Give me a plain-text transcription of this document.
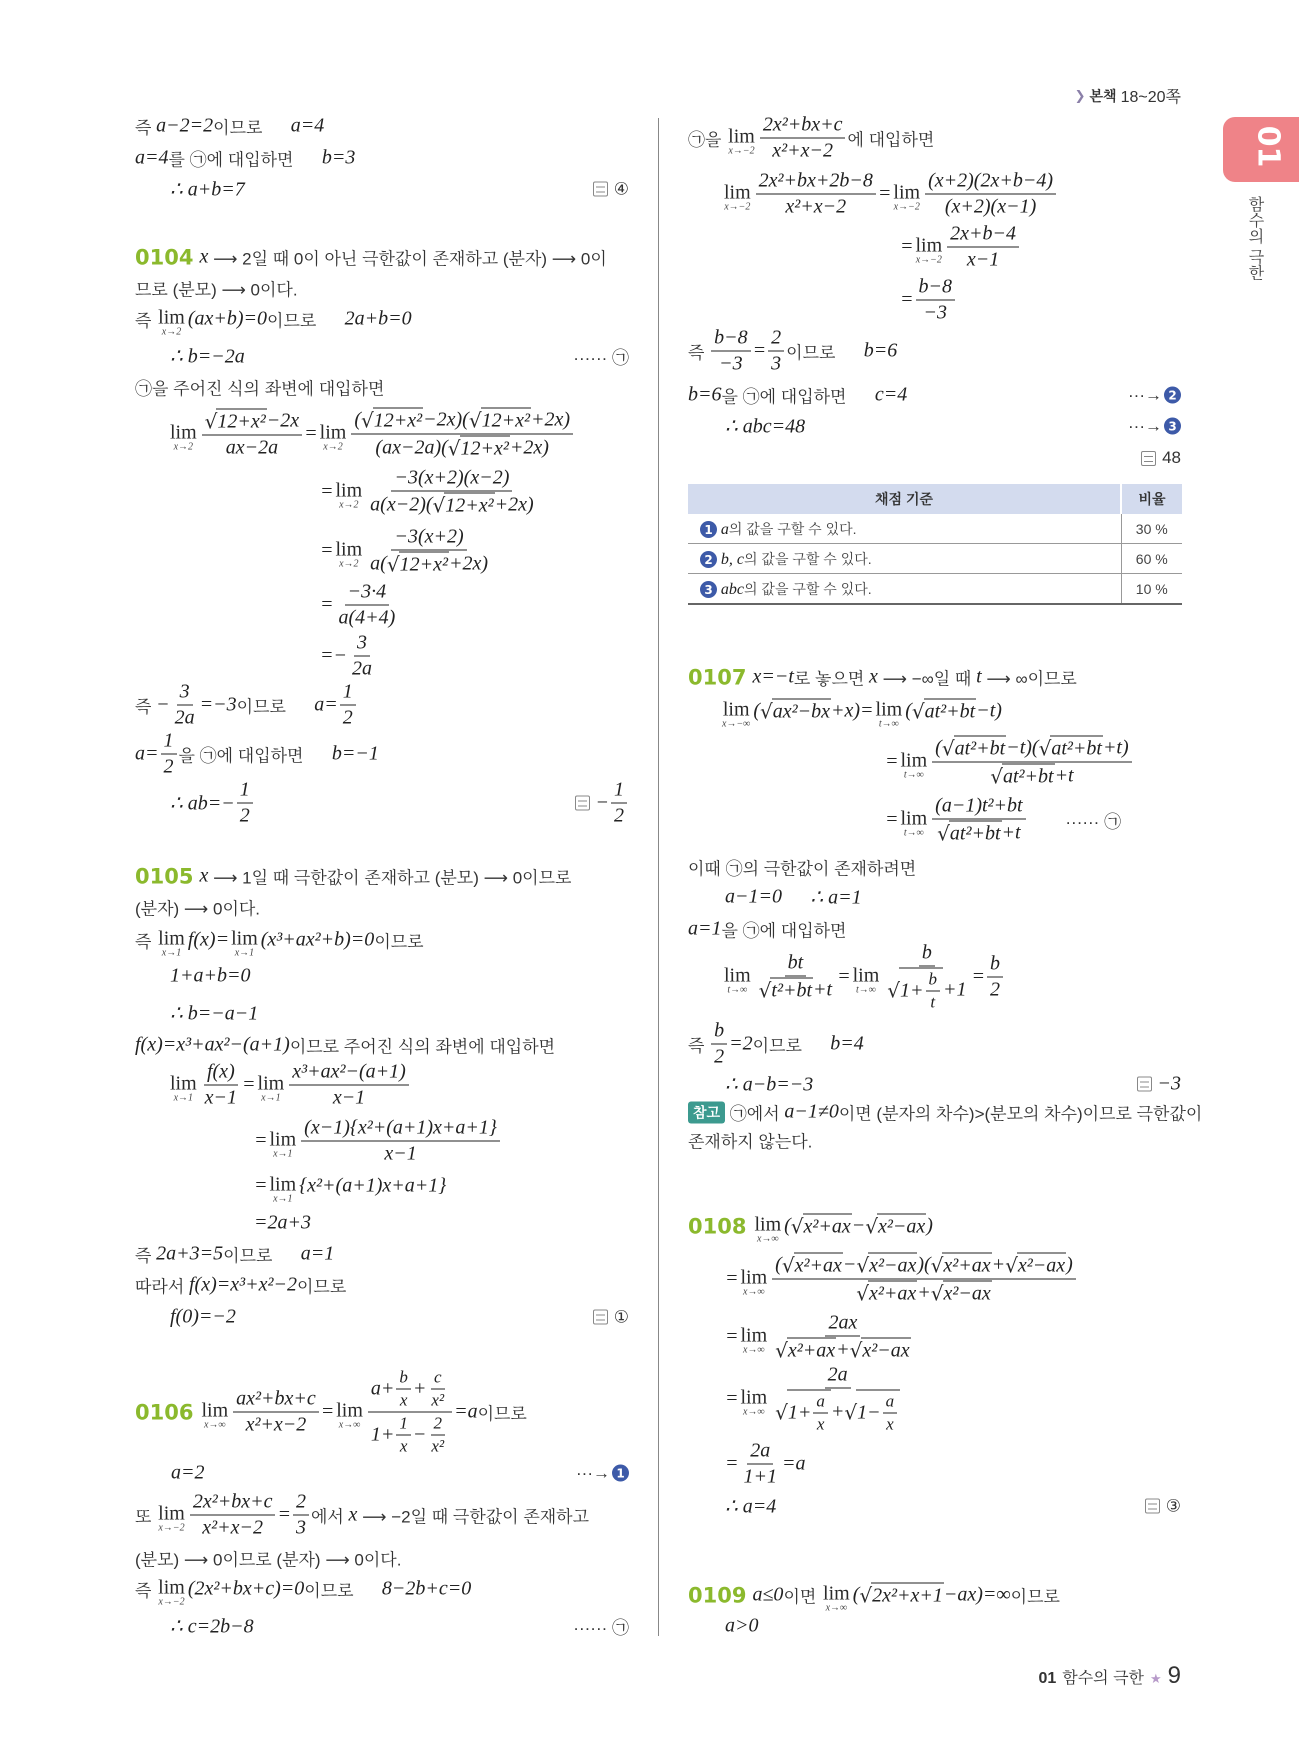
❯ 본책 18~20쪽
01
함수의 극한
즉 a−2=2 이므로 a=4
a=4 를 ㉠에 대입하면 b=3
∴ a+b=7	④
0104 x ⟶ 2일 때 0이 아닌 극한값이 존재하고 (분자) ⟶ 0이
므로 (분모) ⟶ 0이다.
즉 lim
x→2
(ax+b)=0 이므로 2a+b=0
∴ b=−2a	······ ㉠
㉠을 주어진 식의 좌변에 대입하면
lim
$x\to 2 \frac{\text{√ 12+x² −2x}}{ax-2a} = \lim$
$x\to 2 \frac{\text{( √ 12+x² −2x)( √ 12+x² +2x)}}{\text{(ax−2a)( √ 12+x² +2x)}}$
= lim
$x\to 2 \frac{-3(x+2)(x-2)}{\text{a(x−2)( √ 12+x² +2x)}}$
= lim
$x\to 2 \frac{-3(x+2)}{\text{a( √ 12+x² +2x)}}$
= $\frac{-3\cdot 4}{a(4+4)}$
=− $\frac{3}{2a}$
즉 − $\frac{3}{2a} =-3$ 이므로 $a= \frac{1}{2}$
$a= \frac{1}{2}$ 을 ㉠에 대입하면 b=−1
∴ $ab=- \frac{1}{2}$	− $\frac{1}{2}$
0105 x ⟶ 1일 때 극한값이 존재하고 (분모) ⟶ 0이므로
(분자) ⟶ 0이다.
즉 lim
x→1
f(x)= lim
x→1
(x³+ax²+b)=0 이므로
1+a+b=0
∴ b=−a−1
f(x)=x³+ax²−(a+1) 이므로 주어진 식의 좌변에 대입하면
lim
$x\to 1 \frac{f(x)}{x-1} = \lim$
$x\to 1 \frac{\text{x³+ax²−(a+1)}}{x-1}$
= lim
$x\to 1 \frac{\text{(x−1)\{x²+(a+1)x+a+1\}}}{x-1}$
= lim
x→1
{x²+(a+1)x+a+1}
=2a+3
즉 2a+3=5 이므로 a=1
따라서 f(x)=x³+x²−2 이므로
f(0)=−2	①
0106 lim
$x\to\infty \frac{\text{ax²+bx+c}}{\text{x²+x−2}} = \lim$
$x\to\infty \frac{a+ \frac{b}{x} + \frac{c}{\text{x²}}}{1+ \frac{1}{x} - \frac{2}{\text{x²}}} =a$ 이므로
a=2	···→ 1
또 lim
$x\to-2 \frac{\text{2x²+bx+c}}{\text{x²+x−2}} = \frac{2}{3}$ 에서 x ⟶ −2일 때 극한값이 존재하고
(분모) ⟶ 0이므로 (분자) ⟶ 0이다.
즉 lim
x→−2
(2x²+bx+c)=0 이므로 8−2b+c=0
∴ c=2b−8	······ ㉠
㉠을 lim
$x\to-2 \frac{\text{2x²+bx+c}}{\text{x²+x−2}}$ 에 대입하면
lim
$x\to-2 \frac{\text{2x²+bx+2b−8}}{\text{x²+x−2}} = \lim$
$x\to-2 \frac{(x+2)(2x+b-4)}{(x+2)(x-1)}$
= lim
$x\to-2 \frac{2x+b-4}{x-1}$
= $\frac{b-8}{-3}$
즉 $\frac{b-8}{-3} = \frac{2}{3}$ 이므로 b=6
b=6 을 ㉠에 대입하면 c=4	···→ 2
∴ abc=48	···→ 3
48
채점 기준	비율
1 a의 값을 구할 수 있다.	30 %
2 b, c의 값을 구할 수 있다.	60 %
3 abc의 값을 구할 수 있다.	10 %
0107 x=−t 로 놓으면 x ⟶ −∞일 때 t ⟶ ∞이므로
lim
x→−∞
( √ ax²−bx +x)= lim
t→∞
( √ at²+bt −t)
= lim
$t\to\infty \frac{\text{( √ at²+bt −t)( √ at²+bt +t)}}{\text{√ at²+bt +t}}$
= lim
$t\to\infty \frac{\text{(a−1)t²+bt}}{\text{√ at²+bt +t}}$ ······ ㉠
이때 ㉠의 극한값이 존재하려면
a−1=0
∴ a=1
a=1 을 ㉠에 대입하면
lim
$t\to\infty \frac{bt}{\text{√ t²+bt +t}} = \lim$
$t\to\infty \frac{b}{√ 1+ \frac{b}{t} +1} = \frac{b}{2}$
즉 $\frac{b}{2} =2$ 이므로 b=4
∴ a−b=−3	−3
참고 ㉠에서 a−1≠0 이면 (분자의 차수)>(분모의 차수)이므로 극한값이
존재하지 않는다.
0108 lim
x→∞
( √ x²+ax − √ x²−ax )
= lim
$x\to\infty \frac{\text{( √ x²+ax − √ x²−ax )( √ x²+ax + √ x²−ax )}}{\text{√ x²+ax + √ x²−ax}}$
= lim
$x\to\infty \frac{2ax}{\text{√ x²+ax + √ x²−ax}}$
= lim
$x\to\infty \frac{2a}{√ 1+ \frac{a}{x} + √ 1- \frac{a}{x}}$
= $\frac{2a}{1+1} =a$
∴ a=4	③
0109 a≤0 이면 lim
x→∞
( √ 2x²+x+1 −ax)=∞ 이므로
a>0
01 함수의 극한 ★ 9
